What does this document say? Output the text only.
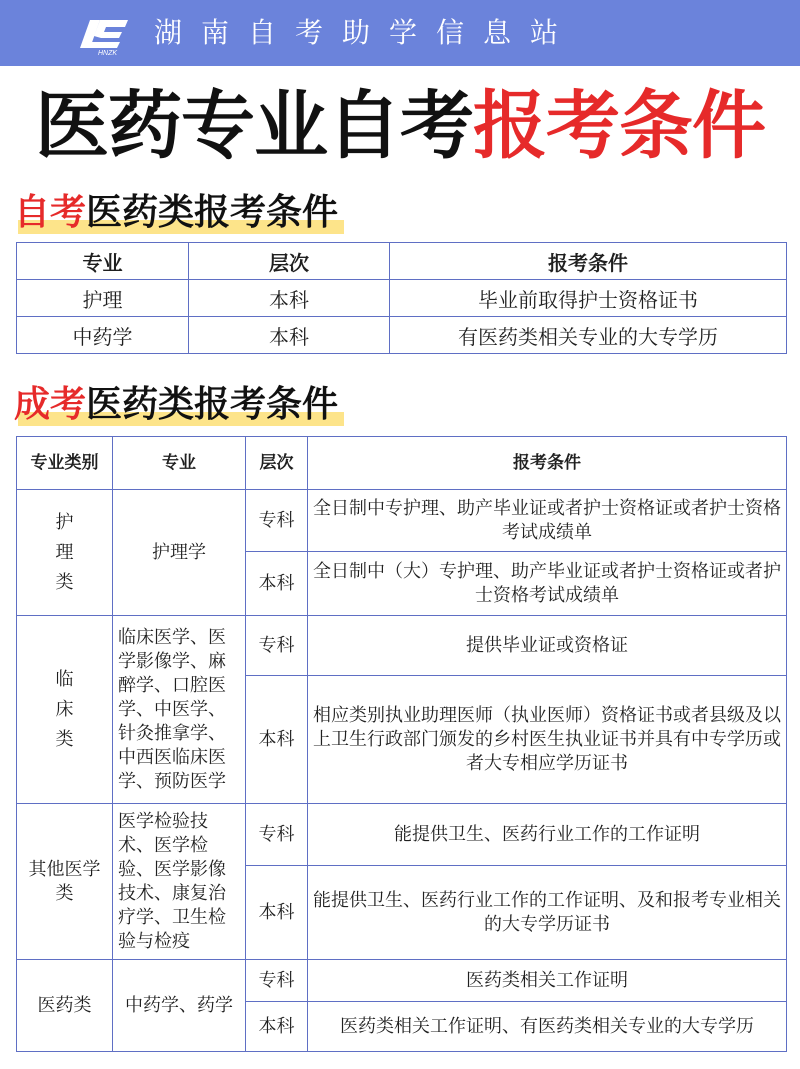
HNZK
湖南自考助学信息站
医药专业自考报考条件
自考医药类报考条件
专业	层次	报考条件
护理	本科	毕业前取得护士资格证书
中药学	本科	有医药类相关专业的大专学历
成考医药类报考条件
专业类别	专业	层次	报考条件
护理类	护理学	专科	全日制中专护理、助产毕业证或者护士资格证或者护士资格考试成绩单
		本科	全日制中（大）专护理、助产毕业证或者护士资格证或者护士资格考试成绩单
临床类	临床医学、医学影像学、麻醉学、口腔医学、中医学、针灸推拿学、中西医临床医学、预防医学	专科	提供毕业证或资格证
		本科	相应类别执业助理医师（执业医师）资格证书或者县级及以上卫生行政部门颁发的乡村医生执业证书并具有中专学历或者大专相应学历证书
其他医学类	医学检验技术、医学检验、医学影像技术、康复治疗学、卫生检验与检疫	专科	能提供卫生、医药行业工作的工作证明
		本科	能提供卫生、医药行业工作的工作证明、及和报考专业相关的大专学历证书
医药类	中药学、药学	专科	医药类相关工作证明
		本科	医药类相关工作证明、有医药类相关专业的大专学历
